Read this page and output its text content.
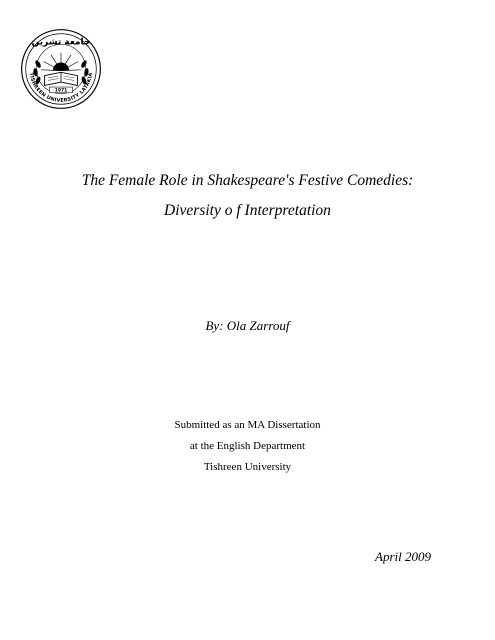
جامعة تشرين
1971
TISHREEN UNIVERSITY LATAKIA
The Female Role in Shakespeare's Festive Comedies:
Diversity o f Interpretation
By: Ola Zarrouf
Submitted as an MA Dissertation
at the English Department
Tishreen University
April 2009
